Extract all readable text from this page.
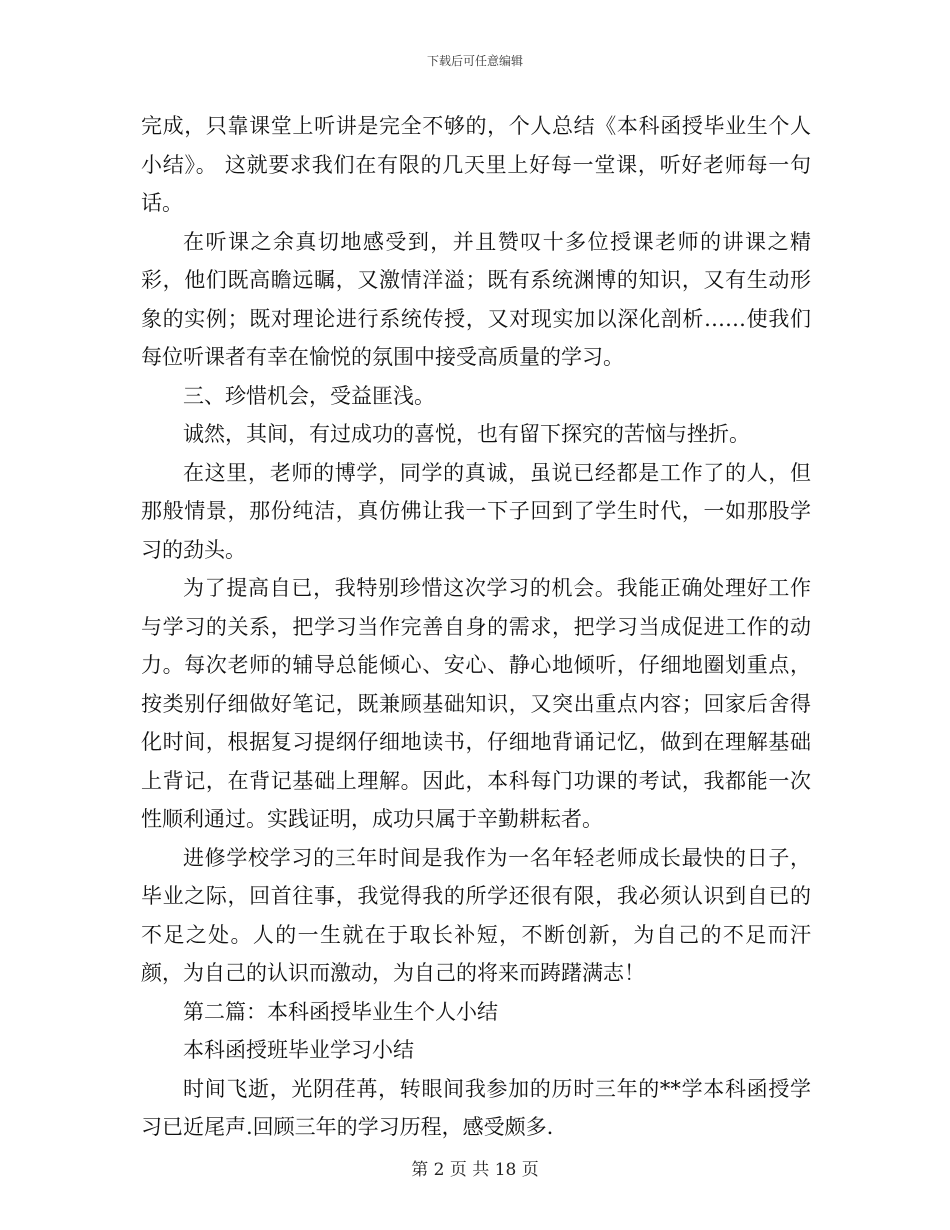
下载后可任意编辑

完成，只靠课堂上听讲是完全不够的，个人总结《本科函授毕业生个人小结》。 这就要求我们在有限的几天里上好每一堂课，听好老师每一句话。

在听课之余真切地感受到，并且赞叹十多位授课老师的讲课之精彩，他们既高瞻远瞩，又激情洋溢；既有系统渊博的知识，又有生动形象的实例；既对理论进行系统传授，又对现实加以深化剖析……使我们每位听课者有幸在愉悦的氛围中接受高质量的学习。

三、珍惜机会，受益匪浅。

诚然，其间，有过成功的喜悦，也有留下探究的苦恼与挫折。

在这里，老师的博学，同学的真诚，虽说已经都是工作了的人，但那般情景，那份纯洁，真仿佛让我一下子回到了学生时代，一如那股学习的劲头。

为了提高自已，我特别珍惜这次学习的机会。我能正确处理好工作与学习的关系，把学习当作完善自身的需求，把学习当成促进工作的动力。每次老师的辅导总能倾心、安心、静心地倾听，仔细地圈划重点，按类别仔细做好笔记，既兼顾基础知识，又突出重点内容；回家后舍得化时间，根据复习提纲仔细地读书，仔细地背诵记忆，做到在理解基础上背记，在背记基础上理解。因此，本科每门功课的考试，我都能一次性顺利通过。实践证明，成功只属于辛勤耕耘者。

进修学校学习的三年时间是我作为一名年轻老师成长最快的日子，毕业之际，回首往事，我觉得我的所学还很有限，我必须认识到自已的不足之处。人的一生就在于取长补短，不断创新，为自己的不足而汗颜，为自己的认识而激动，为自己的将来而踌躇满志！

第二篇：本科函授毕业生个人小结

本科函授班毕业学习小结

时间飞逝，光阴荏苒，转眼间我参加的历时三年的**学本科函授学习已近尾声.回顾三年的学习历程，感受颇多.

第 2 页 共 18 页
